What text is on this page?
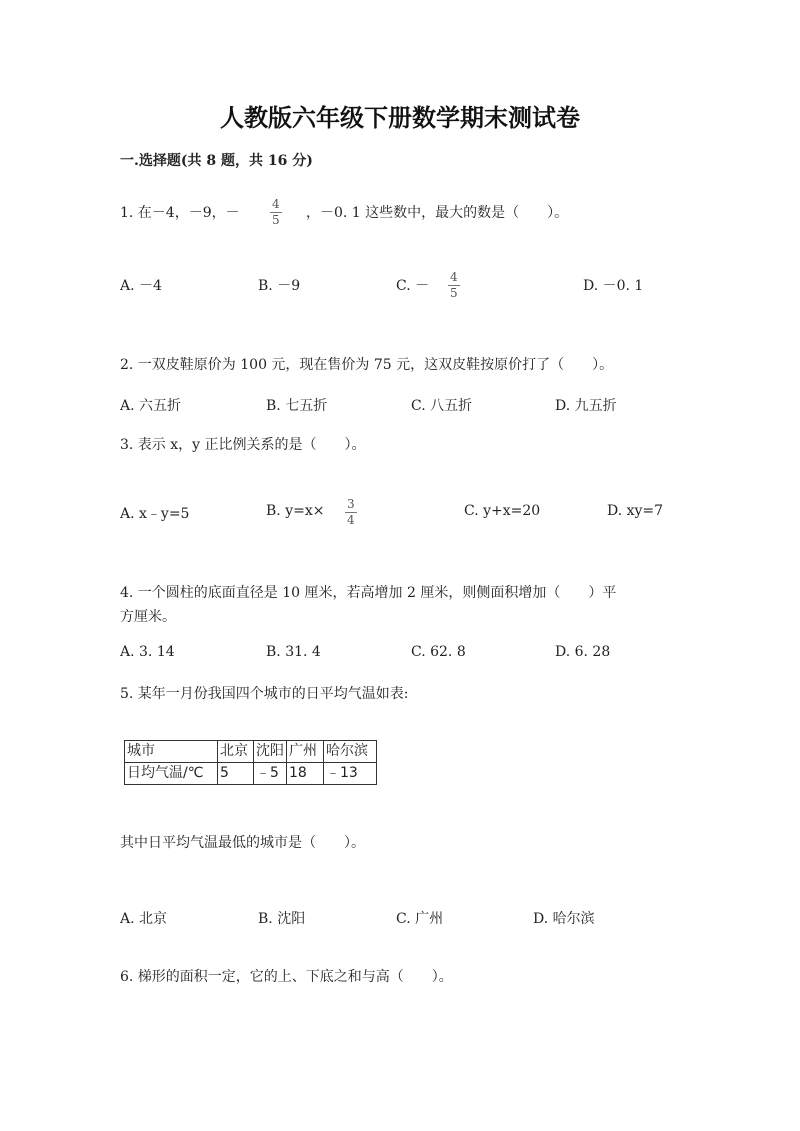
人教版六年级下册数学期末测试卷
一.选择题(共 8 题，共 16 分)
1. 在－4，－9，－	$\frac{4}{5}$ ，－0. 1 这些数中，最大的数是（　　）。
A. －4	B. －9	C. － $\frac{4}{5}$	D. －0. 1
2. 一双皮鞋原价为 100 元，现在售价为 75 元，这双皮鞋按原价打了（　　）。
A. 六五折	B. 七五折	C. 八五折	D. 九五折
3. 表示 x，y 正比例关系的是（　　）。
A. x﹣y=5	B. $y=x\times \frac{3}{4}$	C. y+x=20	D. xy=7
4. 一个圆柱的底面直径是 10 厘米，若高增加 2 厘米，则侧面积增加（　　）平
方厘米。
A. 3. 14	B. 31. 4	C. 62. 8	D. 6. 28
5. 某年一月份我国四个城市的日平均气温如表:
城市	北京	沈阳	广州	哈尔滨
日均气温/℃	5	﹣5	18	﹣13
其中日平均气温最低的城市是（　　）。
A. 北京	B. 沈阳	C. 广州	D. 哈尔滨
6. 梯形的面积一定，它的上、下底之和与高（　　）。
